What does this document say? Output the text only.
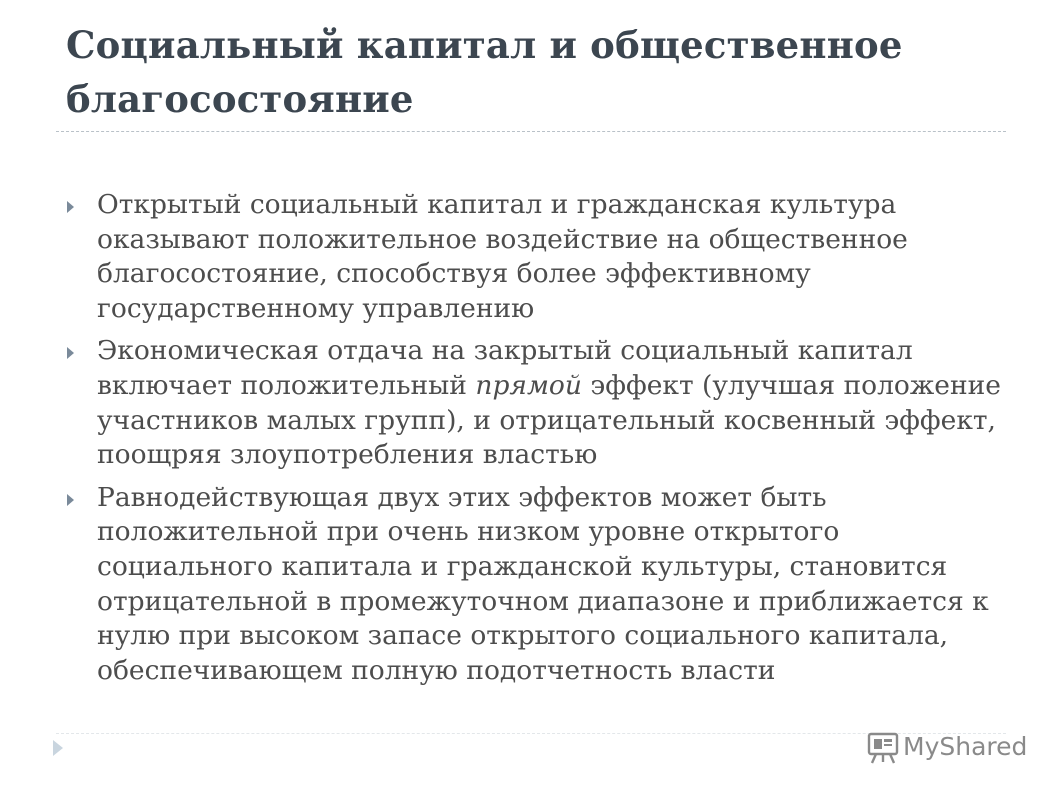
Социальный капитал и общественное благосостояние
Открытый социальный капитал и гражданская культура оказывают положительное воздействие на общественное благосостояние, способствуя более эффективному государственному управлению
Экономическая отдача на закрытый социальный капитал включает положительный прямой эффект (улучшая положение участников малых групп), и отрицательный косвенный эффект, поощряя злоупотребления властью
Равнодействующая двух этих эффектов может быть положительной при очень низком уровне открытого социального капитала и гражданской культуры, становится отрицательной в промежуточном диапазоне и приближается к нулю при высоком запасе открытого социального капитала, обеспечивающем полную подотчетность власти
MyShared
